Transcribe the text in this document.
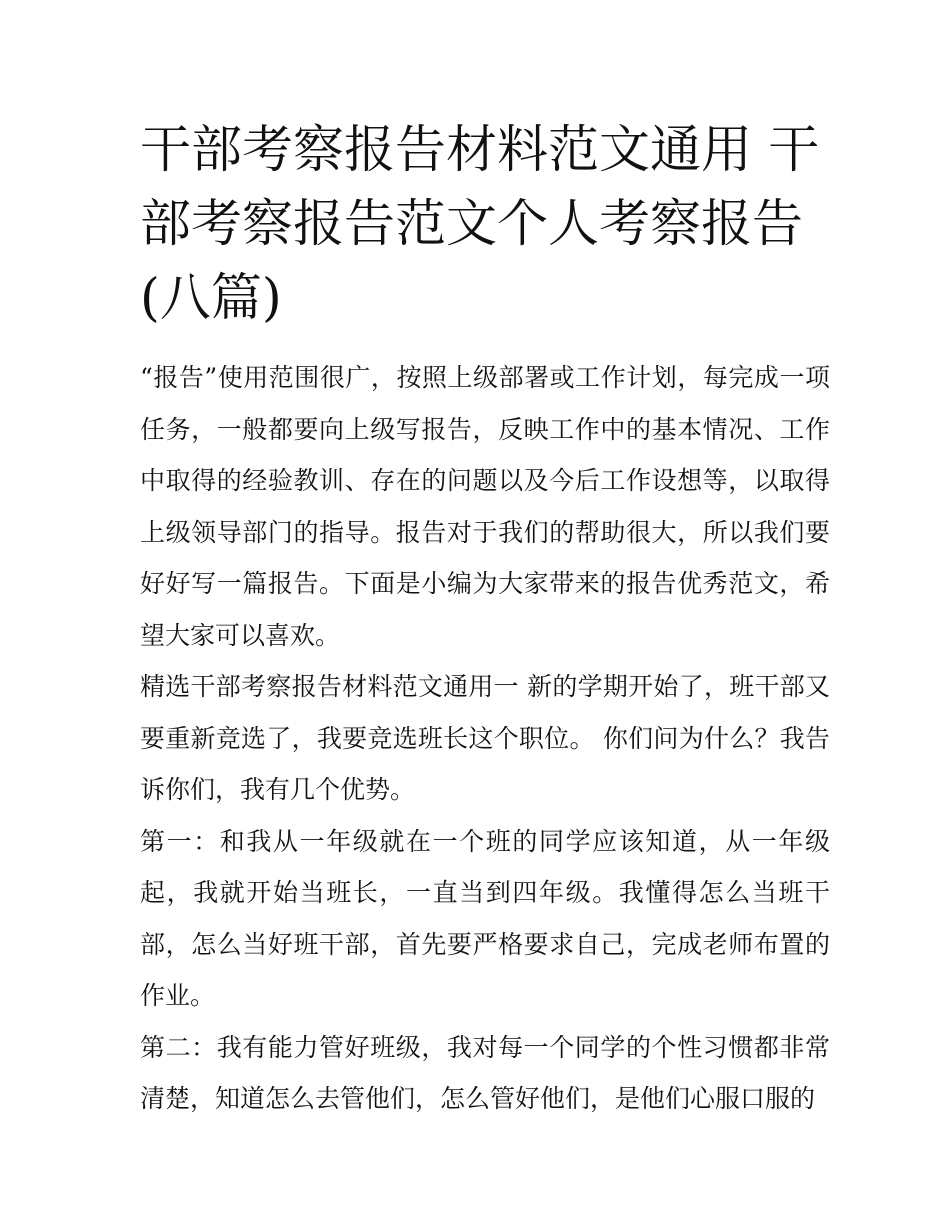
干部考察报告材料范文通用 干部考察报告范文个人考察报告(八篇)

“报告”使用范围很广，按照上级部署或工作计划，每完成一项任务，一般都要向上级写报告，反映工作中的基本情况、工作中取得的经验教训、存在的问题以及今后工作设想等，以取得上级领导部门的指导。报告对于我们的帮助很大，所以我们要好好写一篇报告。下面是小编为大家带来的报告优秀范文，希望大家可以喜欢。

精选干部考察报告材料范文通用一 新的学期开始了，班干部又要重新竞选了，我要竞选班长这个职位。 你们问为什么？我告诉你们，我有几个优势。

第一：和我从一年级就在一个班的同学应该知道，从一年级起，我就开始当班长，一直当到四年级。我懂得怎么当班干部，怎么当好班干部，首先要严格要求自己，完成老师布置的作业。

第二：我有能力管好班级，我对每一个同学的个性习惯都非常清楚，知道怎么去管他们，怎么管好他们，是他们心服口服的
